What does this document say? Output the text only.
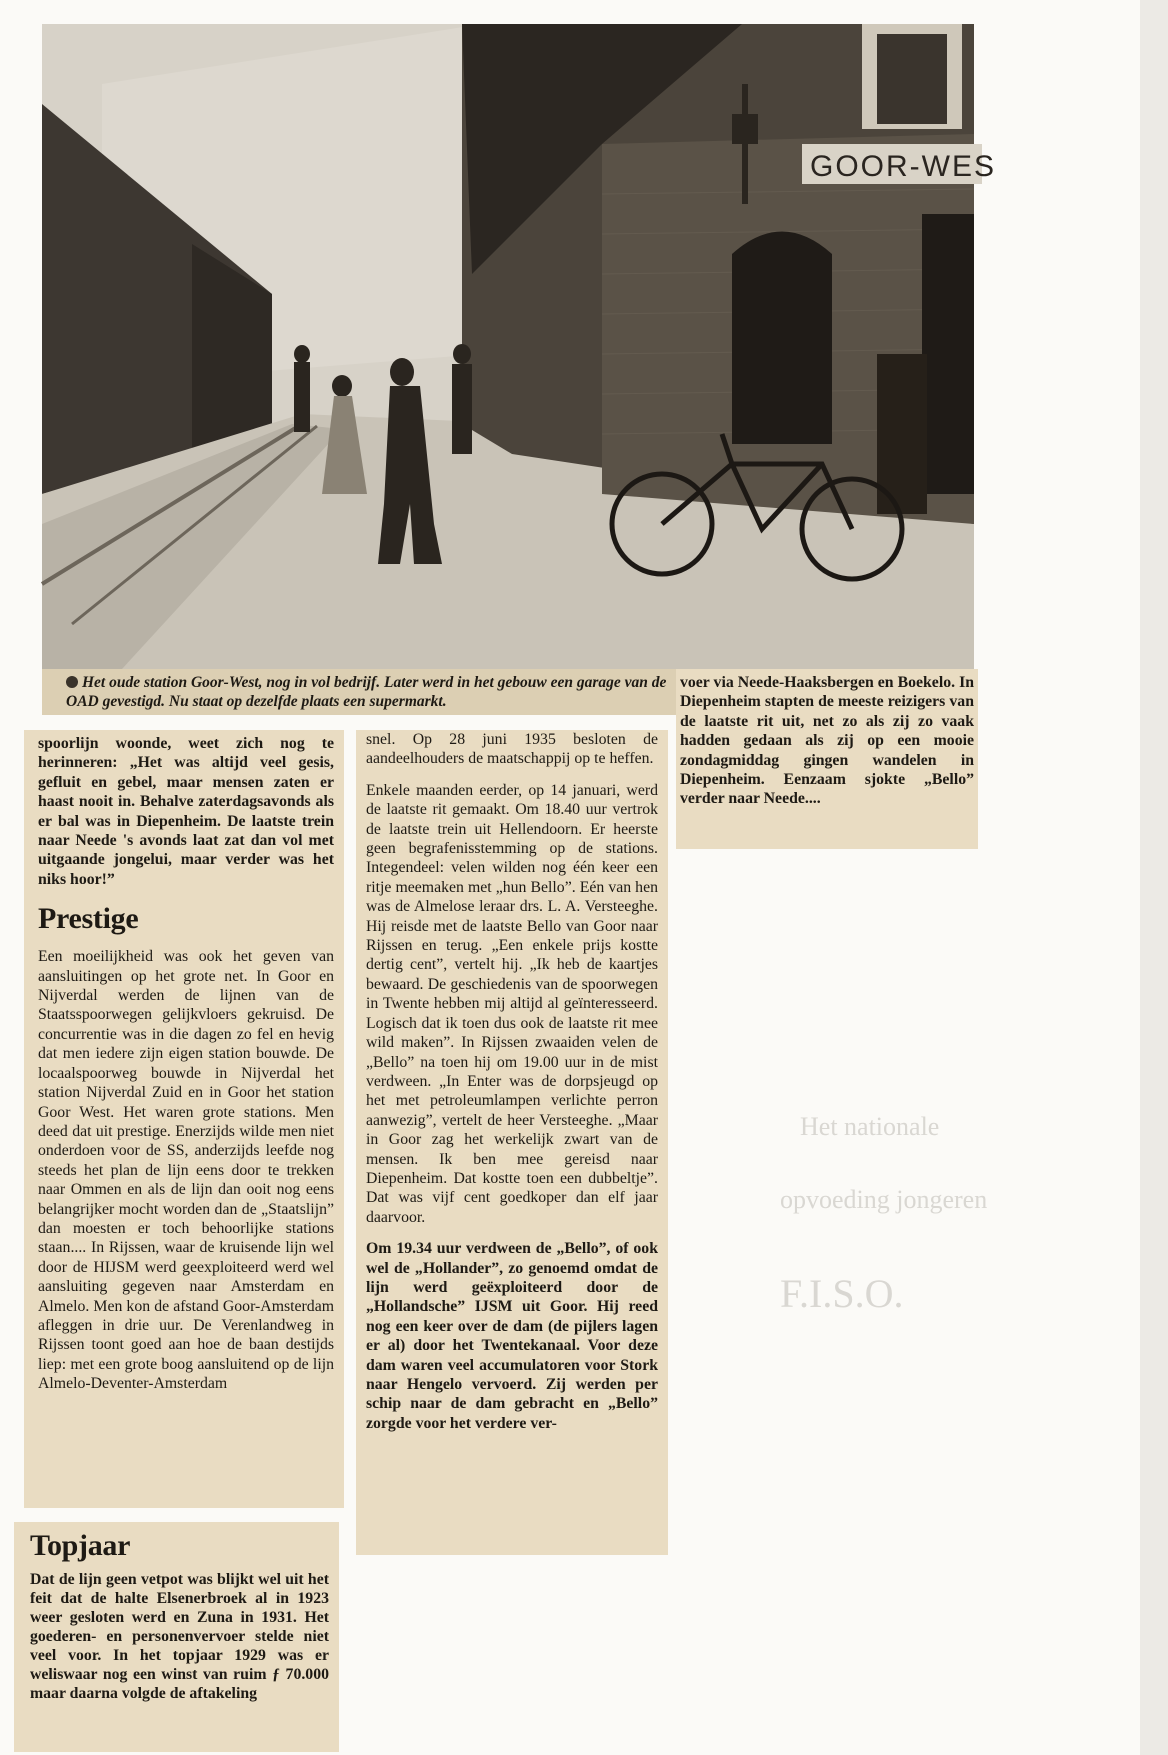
Het nationale
opvoeding jongeren
F.I.S.O.
GOOR-WES
Het oude station Goor-West, nog in vol bedrijf. Later werd in het gebouw een garage van de OAD gevestigd. Nu staat op dezelfde plaats een supermarkt.

spoorlijn woonde, weet zich nog te herinneren: „Het was altijd veel gesis, gefluit en gebel, maar mensen zaten er haast nooit in. Behalve zaterdagsavonds als er bal was in Diepenheim. De laatste trein naar Neede 's avonds laat zat dan vol met uitgaande jongelui, maar verder was het niks hoor!”

Prestige

Een moeilijkheid was ook het geven van aansluitingen op het grote net. In Goor en Nijverdal werden de lijnen van de Staatsspoorwegen gelijkvloers gekruisd. De concurrentie was in die dagen zo fel en hevig dat men iedere zijn eigen station bouwde. De locaalspoorweg bouwde in Nijverdal het station Nijverdal Zuid en in Goor het station Goor West. Het waren grote stations. Men deed dat uit prestige. Enerzijds wilde men niet onderdoen voor de SS, anderzijds leefde nog steeds het plan de lijn eens door te trekken naar Ommen en als de lijn dan ooit nog eens belangrijker mocht worden dan de „Staatslijn” dan moesten er toch behoorlijke stations staan.... In Rijssen, waar de kruisende lijn wel door de HIJSM werd geexploiteerd werd wel aansluiting gegeven naar Amsterdam en Almelo. Men kon de afstand Goor-Amsterdam afleggen in drie uur. De Verenlandweg in Rijssen toont goed aan hoe de baan destijds liep: met een grote boog aansluitend op de lijn Almelo-Deventer-Amsterdam

snel. Op 28 juni 1935 besloten de aandeelhouders de maatschappij op te heffen.

Enkele maanden eerder, op 14 januari, werd de laatste rit gemaakt. Om 18.40 uur vertrok de laatste trein uit Hellendoorn. Er heerste geen begrafenisstemming op de stations. Integendeel: velen wilden nog één keer een ritje meemaken met „hun Bello”. Eén van hen was de Almelose leraar drs. L. A. Versteeghe. Hij reisde met de laatste Bello van Goor naar Rijssen en terug. „Een enkele prijs kostte dertig cent”, vertelt hij. „Ik heb de kaartjes bewaard. De geschiedenis van de spoorwegen in Twente hebben mij altijd al geïnteresseerd. Logisch dat ik toen dus ook de laatste rit mee wild maken”. In Rijssen zwaaiden velen de „Bello” na toen hij om 19.00 uur in de mist verdween. „In Enter was de dorpsjeugd op het met petroleumlampen verlichte perron aanwezig”, vertelt de heer Versteeghe. „Maar in Goor zag het werkelijk zwart van de mensen. Ik ben mee gereisd naar Diepenheim. Dat kostte toen een dubbeltje”. Dat was vijf cent goedkoper dan elf jaar daarvoor.

Om 19.34 uur verdween de „Bello”, of ook wel de „Hollander”, zo genoemd omdat de lijn werd geëxploiteerd door de „Hollandsche” IJSM uit Goor. Hij reed nog een keer over de dam (de pijlers lagen er al) door het Twentekanaal. Voor deze dam waren veel accumulatoren voor Stork naar Hengelo vervoerd. Zij werden per schip naar de dam gebracht en „Bello” zorgde voor het verdere ver-

voer via Neede-Haaksbergen en Boekelo. In Diepenheim stapten de meeste reizigers van de laatste rit uit, net zo als zij zo vaak hadden gedaan als zij op een mooie zondagmiddag gingen wandelen in Diepenheim. Eenzaam sjokte „Bello” verder naar Neede....

Topjaar

Dat de lijn geen vetpot was blijkt wel uit het feit dat de halte Elsenerbroek al in 1923 weer gesloten werd en Zuna in 1931. Het goederen- en personenvervoer stelde niet veel voor. In het topjaar 1929 was er weliswaar nog een winst van ruim ƒ 70.000 maar daarna volgde de aftakeling
